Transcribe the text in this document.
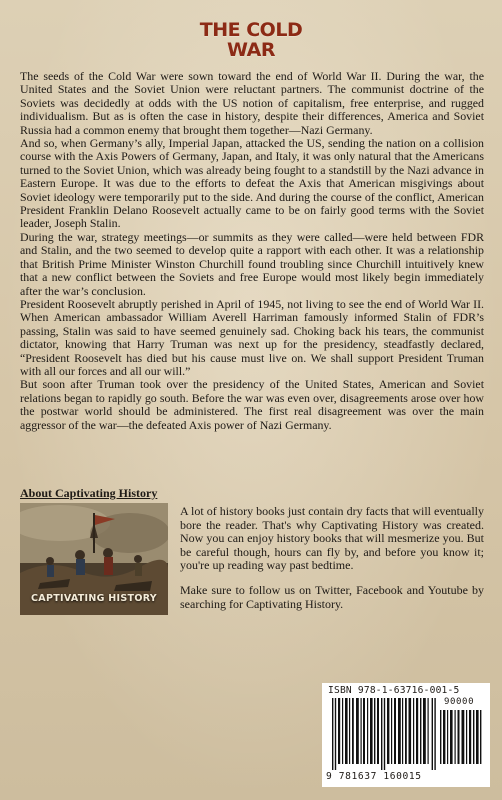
THE COLD
WAR

The seeds of the Cold War were sown toward the end of World War II. During the war, the United States and the Soviet Union were reluctant partners. The communist doctrine of the Soviets was decidedly at odds with the US notion of capitalism, free enterprise, and rugged individualism. But as is often the case in history, despite their differences, America and Soviet Russia had a common enemy that brought them together—Nazi Germany.

And so, when Germany’s ally, Imperial Japan, attacked the US, sending the nation on a collision course with the Axis Powers of Germany, Japan, and Italy, it was only natural that the Americans turned to the Soviet Union, which was already being fought to a standstill by the Nazi advance in Eastern Europe. It was due to the efforts to defeat the Axis that American misgivings about Soviet ideology were temporarily put to the side. And during the course of the conflict, American President Franklin Delano Roosevelt actually came to be on fairly good terms with the Soviet leader, Joseph Stalin.

During the war, strategy meetings—or summits as they were called—were held between FDR and Stalin, and the two seemed to develop quite a rapport with each other. It was a relationship that British Prime Minister Winston Churchill found troubling since Churchill intuitively knew that a new conflict between the Soviets and free Europe would most likely begin immediately after the war’s conclusion.

President Roosevelt abruptly perished in April of 1945, not living to see the end of World War II. When American ambassador William Averell Harriman famously informed Stalin of FDR’s passing, Stalin was said to have seemed genuinely sad. Choking back his tears, the communist dictator, knowing that Harry Truman was next up for the presidency, steadfastly declared, “President Roosevelt has died but his cause must live on. We shall support President Truman with all our forces and all our will.”

But soon after Truman took over the presidency of the United States, American and Soviet relations began to rapidly go south. Before the war was even over, disagreements arose over how the postwar world should be administered. The first real disagreement was over the main aggressor of the war—the defeated Axis power of Nazi Germany.

About Captivating History
CAPTIVATING HISTORY

A lot of history books just contain dry facts that will eventually bore the reader. That's why Captivating History was created. Now you can enjoy history books that will mesmerize you. But be careful though, hours can fly by, and before you know it; you're up reading way past bedtime.

Make sure to follow us on Twitter, Facebook and Youtube by searching for Captivating History.

ISBN 978-1-63716-001-5
90000
9 781637 160015
